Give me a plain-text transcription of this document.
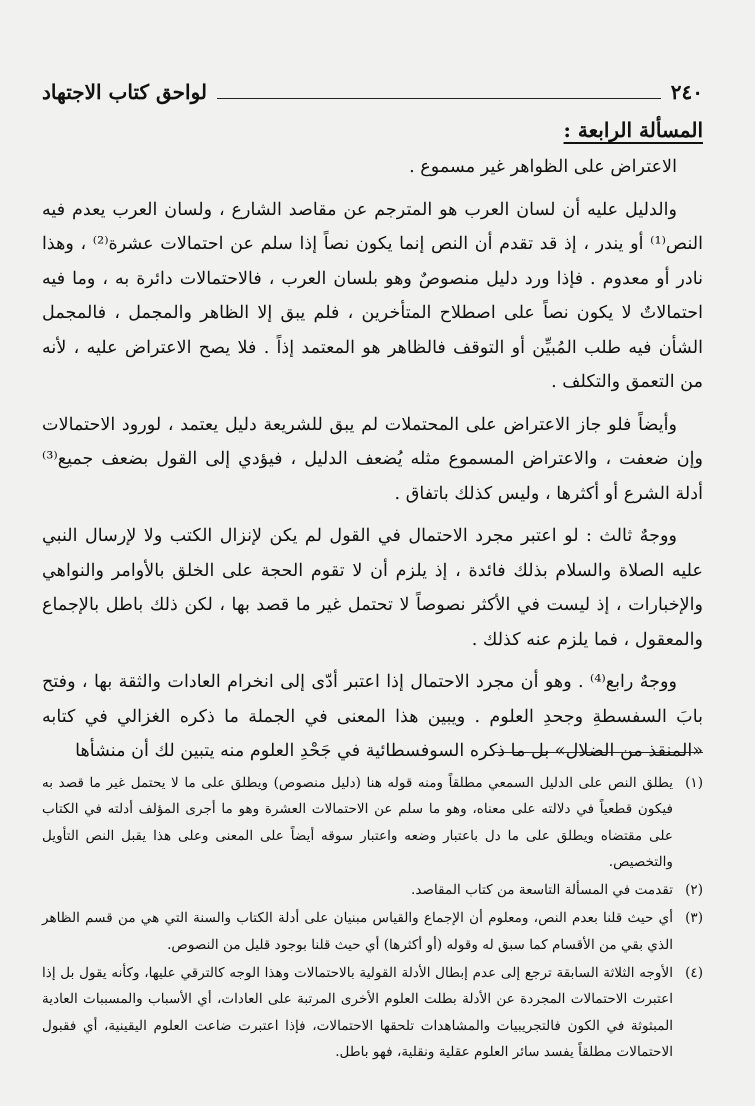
لواحق كتاب الاجتهاد	٢٤٠
المسألة الرابعة :

الاعتراض على الظواهر غير مسموع .

والدليل عليه أن لسان العرب هو المترجم عن مقاصد الشارع ، ولسان العرب يعدم فيه النص⁽¹⁾ أو يندر ، إذ قد تقدم أن النص إنما يكون نصاً إذا سلم عن احتمالات عشرة⁽²⁾ ، وهذا نادر أو معدوم . فإذا ورد دليل منصوصٌ وهو بلسان العرب ، فالاحتمالات دائرة به ، وما فيه احتمالاتٌ لا يكون نصاً على اصطلاح المتأخرين ، فلم يبق إلا الظاهر والمجمل ، فالمجمل الشأن فيه طلب المُبيِّن أو التوقف فالظاهر هو المعتمد إذاً . فلا يصح الاعتراض عليه ، لأنه من التعمق والتكلف .

وأيضاً فلو جاز الاعتراض على المحتملات لم يبق للشريعة دليل يعتمد ، لورود الاحتمالات وإن ضعفت ، والاعتراض المسموع مثله يُضعف الدليل ، فيؤدي إلى القول بضعف جميع⁽³⁾ أدلة الشرع أو أكثرها ، وليس كذلك باتفاق .

ووجهٌ ثالث : لو اعتبر مجرد الاحتمال في القول لم يكن لإنزال الكتب ولا لإرسال النبي عليه الصلاة والسلام بذلك فائدة ، إذ يلزم أن لا تقوم الحجة على الخلق بالأوامر والنواهي والإخبارات ، إذ ليست في الأكثر نصوصاً لا تحتمل غير ما قصد بها ، لكن ذلك باطل بالإجماع والمعقول ، فما يلزم عنه كذلك .

ووجهٌ رابع⁽⁴⁾ . وهو أن مجرد الاحتمال إذا اعتبر أدّى إلى انخرام العادات والثقة بها ، وفتح بابَ السفسطةِ وجحدِ العلوم . ويبين هذا المعنى في الجملة ما ذكره الغزالي في كتابه «المنقذ من الضلال» بل ما ذكره السوفسطائية في جَحْدِ العلوم منه يتبين لك أن منشأها

(١)
يطلق النص على الدليل السمعي مطلقاً ومنه قوله هنا (دليل منصوص) ويطلق على ما لا يحتمل غير ما قصد به فيكون قطعياً في دلالته على معناه، وهو ما سلم عن الاحتمالات العشرة وهو ما أجرى المؤلف أدلته في الكتاب على مقتضاه ويطلق على ما دل باعتبار وضعه واعتبار سوقه أيضاً على المعنى وعلى هذا يقبل النص التأويل والتخصيص.
(٢)
تقدمت في المسألة التاسعة من كتاب المقاصد.
(٣)
أي حيث قلنا بعدم النص، ومعلوم أن الإجماع والقياس مبنيان على أدلة الكتاب والسنة التي هي من قسم الظاهر الذي بقي من الأقسام كما سبق له وقوله (أو أكثرها) أي حيث قلنا بوجود قليل من النصوص.
(٤)
الأوجه الثلاثة السابقة ترجع إلى عدم إبطال الأدلة القولية بالاحتمالات وهذا الوجه كالترقي عليها، وكأنه يقول بل إذا اعتبرت الاحتمالات المجردة عن الأدلة بطلت العلوم الأخرى المرتبة على العادات، أي الأسباب والمسببات العادية المبثوثة في الكون فالتجريبيات والمشاهدات تلحقها الاحتمالات، فإذا اعتبرت ضاعت العلوم اليقينية، أي فقبول الاحتمالات مطلقاً يفسد سائر العلوم عقلية ونقلية، فهو باطل.
